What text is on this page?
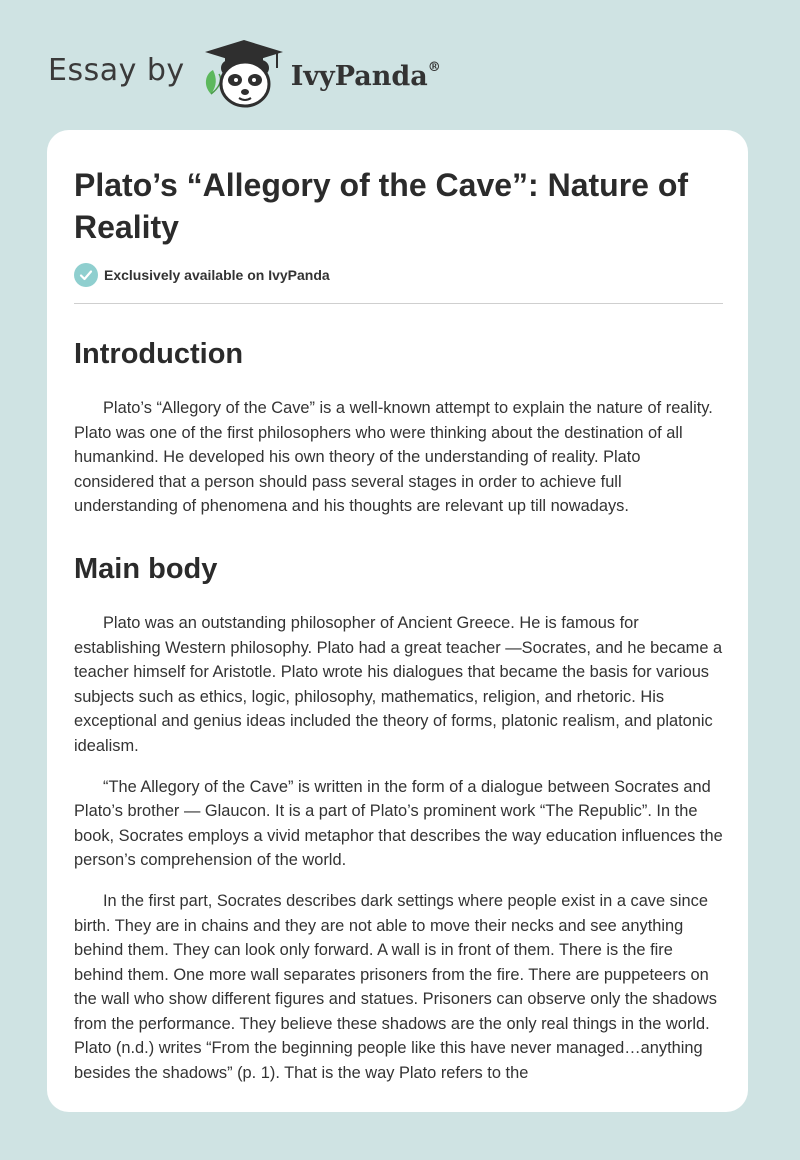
Essay by	IvyPanda®
Plato’s “Allegory of the Cave”: Nature of Reality
Exclusively available on IvyPanda
Introduction

Plato’s “Allegory of the Cave” is a well-known attempt to explain the nature of reality. Plato was one of the first philosophers who were thinking about the destination of all humankind. He developed his own theory of the understanding of reality. Plato considered that a person should pass several stages in order to achieve full understanding of phenomena and his thoughts are relevant up till nowadays.

Main body

Plato was an outstanding philosopher of Ancient Greece. He is famous for establishing Western philosophy. Plato had a great teacher —Socrates, and he became a teacher himself for Aristotle. Plato wrote his dialogues that became the basis for various subjects such as ethics, logic, philosophy, mathematics, religion, and rhetoric. His exceptional and genius ideas included the theory of forms, platonic realism, and platonic idealism.

“The Allegory of the Cave” is written in the form of a dialogue between Socrates and Plato’s brother — Glaucon. It is a part of Plato’s prominent work “The Republic”. In the book, Socrates employs a vivid metaphor that describes the way education influences the person’s comprehension of the world.

In the first part, Socrates describes dark settings where people exist in a cave since birth. They are in chains and they are not able to move their necks and see anything behind them. They can look only forward. A wall is in front of them. There is the fire behind them. One more wall separates prisoners from the fire. There are puppeteers on the wall who show different figures and statues. Prisoners can observe only the shadows from the performance. They believe these shadows are the only real things in the world. Plato (n.d.) writes “From the beginning people like this have never managed…anything besides the shadows” (p. 1). That is the way Plato refers to the
